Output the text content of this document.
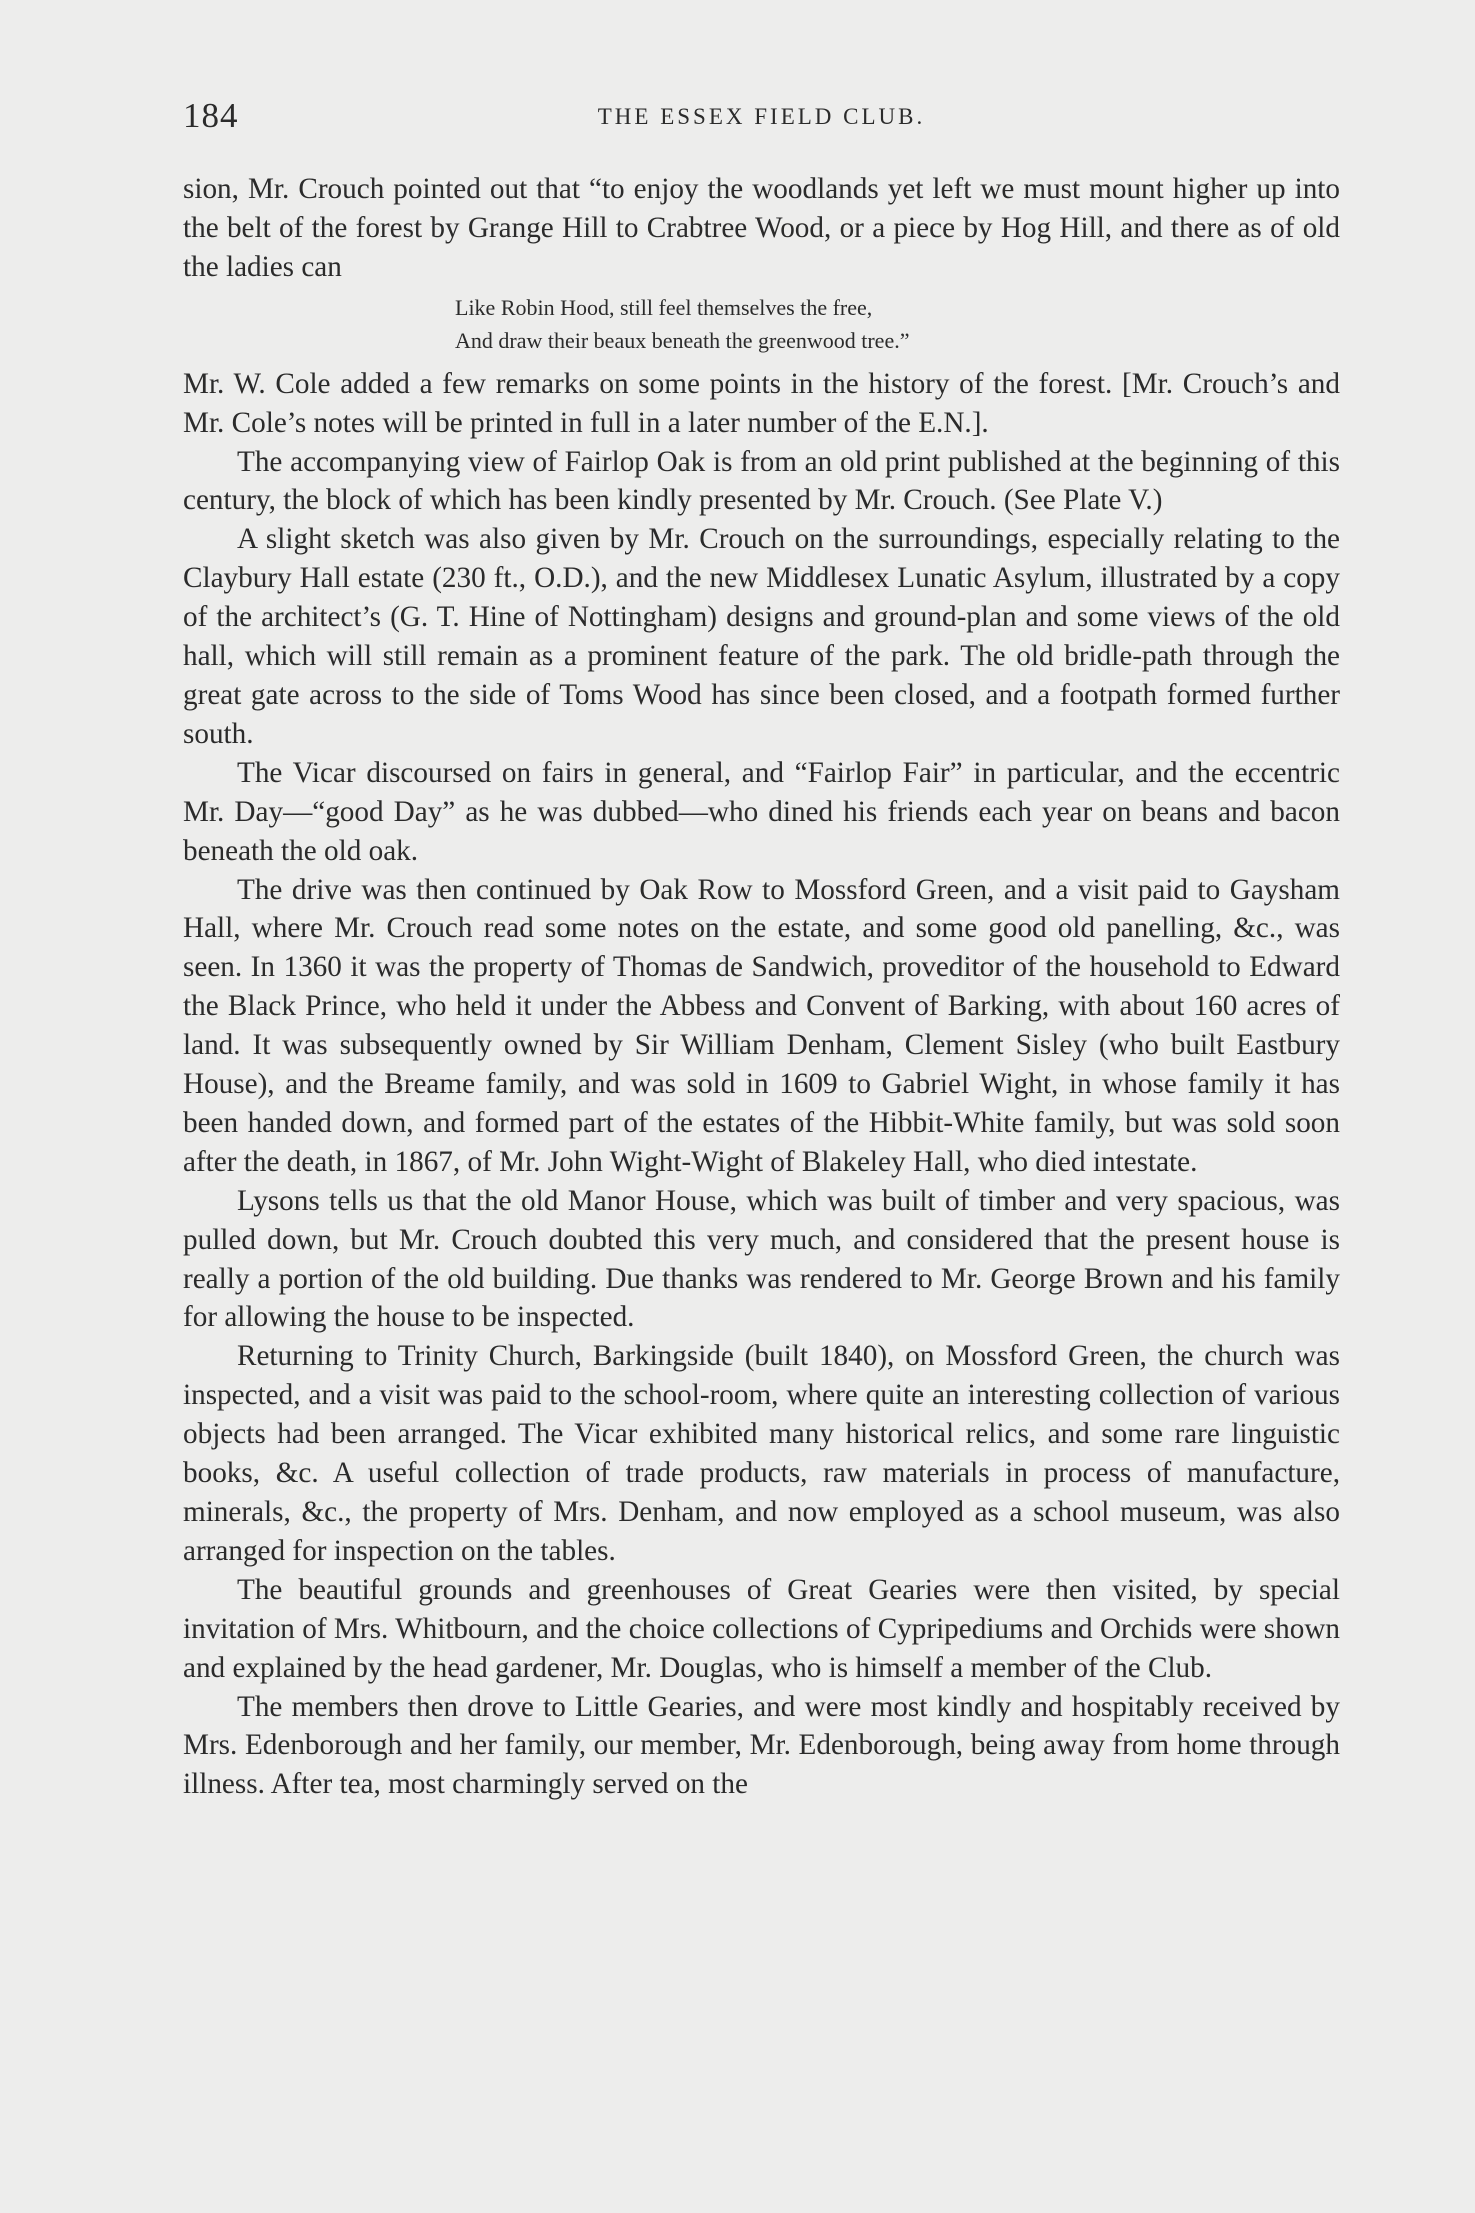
184	THE ESSEX FIELD CLUB.

sion, Mr. Crouch pointed out that “to enjoy the woodlands yet left we must mount higher up into the belt of the forest by Grange Hill to Crabtree Wood, or a piece by Hog Hill, and there as of old the ladies can

Like Robin Hood, still feel themselves the free,
And draw their beaux beneath the greenwood tree.”

Mr. W. Cole added a few remarks on some points in the history of the forest. [Mr. Crouch’s and Mr. Cole’s notes will be printed in full in a later number of the E.N.].

The accompanying view of Fairlop Oak is from an old print published at the beginning of this century, the block of which has been kindly presented by Mr. Crouch. (See Plate V.)

A slight sketch was also given by Mr. Crouch on the surroundings, especially relating to the Claybury Hall estate (230 ft., O.D.), and the new Middlesex Lunatic Asylum, illustrated by a copy of the architect’s (G. T. Hine of Nottingham) designs and ground-plan and some views of the old hall, which will still remain as a prominent feature of the park. The old bridle-path through the great gate across to the side of Toms Wood has since been closed, and a footpath formed further south.

The Vicar discoursed on fairs in general, and “Fairlop Fair” in particular, and the eccentric Mr. Day—“good Day” as he was dubbed—who dined his friends each year on beans and bacon beneath the old oak.

The drive was then continued by Oak Row to Mossford Green, and a visit paid to Gaysham Hall, where Mr. Crouch read some notes on the estate, and some good old panelling, &c., was seen. In 1360 it was the property of Thomas de Sandwich, proveditor of the household to Edward the Black Prince, who held it under the Abbess and Convent of Barking, with about 160 acres of land. It was subsequently owned by Sir William Denham, Clement Sisley (who built Eastbury House), and the Breame family, and was sold in 1609 to Gabriel Wight, in whose family it has been handed down, and formed part of the estates of the Hibbit-White family, but was sold soon after the death, in 1867, of Mr. John Wight-Wight of Blakeley Hall, who died intestate.

Lysons tells us that the old Manor House, which was built of timber and very spacious, was pulled down, but Mr. Crouch doubted this very much, and considered that the present house is really a portion of the old building. Due thanks was rendered to Mr. George Brown and his family for allowing the house to be inspected.

Returning to Trinity Church, Barkingside (built 1840), on Mossford Green, the church was inspected, and a visit was paid to the school-room, where quite an interesting collection of various objects had been arranged. The Vicar exhibited many historical relics, and some rare linguistic books, &c. A useful collection of trade products, raw materials in process of manufacture, minerals, &c., the property of Mrs. Denham, and now employed as a school museum, was also arranged for inspection on the tables.

The beautiful grounds and greenhouses of Great Gearies were then visited, by special invitation of Mrs. Whitbourn, and the choice collections of Cypripediums and Orchids were shown and explained by the head gardener, Mr. Douglas, who is himself a member of the Club.

The members then drove to Little Gearies, and were most kindly and hospitably received by Mrs. Edenborough and her family, our member, Mr. Edenborough, being away from home through illness. After tea, most charmingly served on the
